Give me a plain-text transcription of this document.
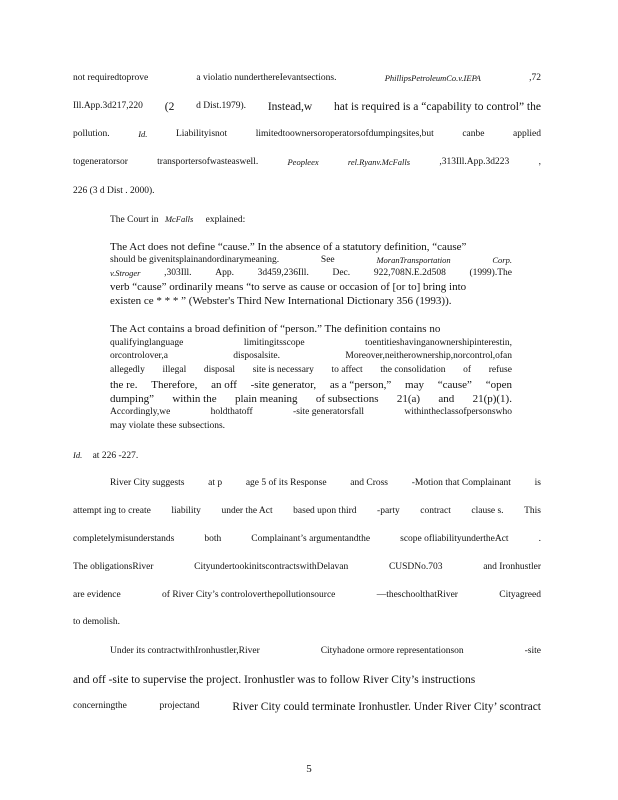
not requiredtoprove	a violatio nunderthereIevantsections.	PhillipsPetroleumCo.v.IEPA	,72
Ill.App.3d217,220 (2 d Dist.1979). Instead,w hat is required is a “capability to control” the
pollution.	Id.	Liabilityisnot	limitedtoownersoroperatorsofdumpingsites,but	canbe	applied
togeneratorsor	transportersofwasteaswell.	Peoplеex	rel.Ryanv.McFalls	,313Ill.App.3d223	,
226 (3 d Dist . 2000).
The Court in McFalls explained:
The Act does not define “cause.” In the absence of a statutory definition, “cause”
should be givenitsplainandordinarymeaning.	See	MoranTransportation	Corp.
v.Stroger ,303Ill. App. 3d459,236Ill. Dec. 922,708N.E.2d508 (1999).The
verb “cause” ordinarily means “to serve as cause or occasion of [or to] bring into
existen ce * * * ” (Webster's Third New International Dictionary 356 (1993)).
The Act contains a broad definition of “person.” The definition contains no
qualifyinglanguage	limitingitsscope	toentitieshavinganownershipinterestin,
orcontrolover,a	disposalsite.	Moreover,neitherownership,norcontrol,ofan
allegedly illegal disposal site is necessary to affect the consolidation of refuse
the re. Therefore, an off -site generator, as a “person,” may “cause” “open
dumping” within the plain meaning of subsections 21(a) and 21(p)(1).
Accordingly,we	holdthatoff	-site generatorsfall	withintheclassofpersonswho
may violate these subsections.
Id. at 226 -227.
River City suggests at p age 5 of its Response and Cross -Motion that Complainant is
attempt ing to create liability under the Act based upon third -party contract clause s. This
completelymisunderstands	both	Complainant’s argumentandthe	scope ofliabilityundertheAct	.
The obligationsRiver	CityundertookinitscontractswithDelavan	CUSDNo.703	and Ironhustler
are evidence	of River City’s controloverthepollutionsource	—theschoolthatRiver	Cityagreed
to demolish.
Under its contractwithIronhustler,River	Cityhadone ormore representationson	-site
and off -site to supervise the project. Ironhustler was to follow River City’s instructions
concerningthe	projectand	River City could terminate Ironhustler. Under River City’ scontract
5
